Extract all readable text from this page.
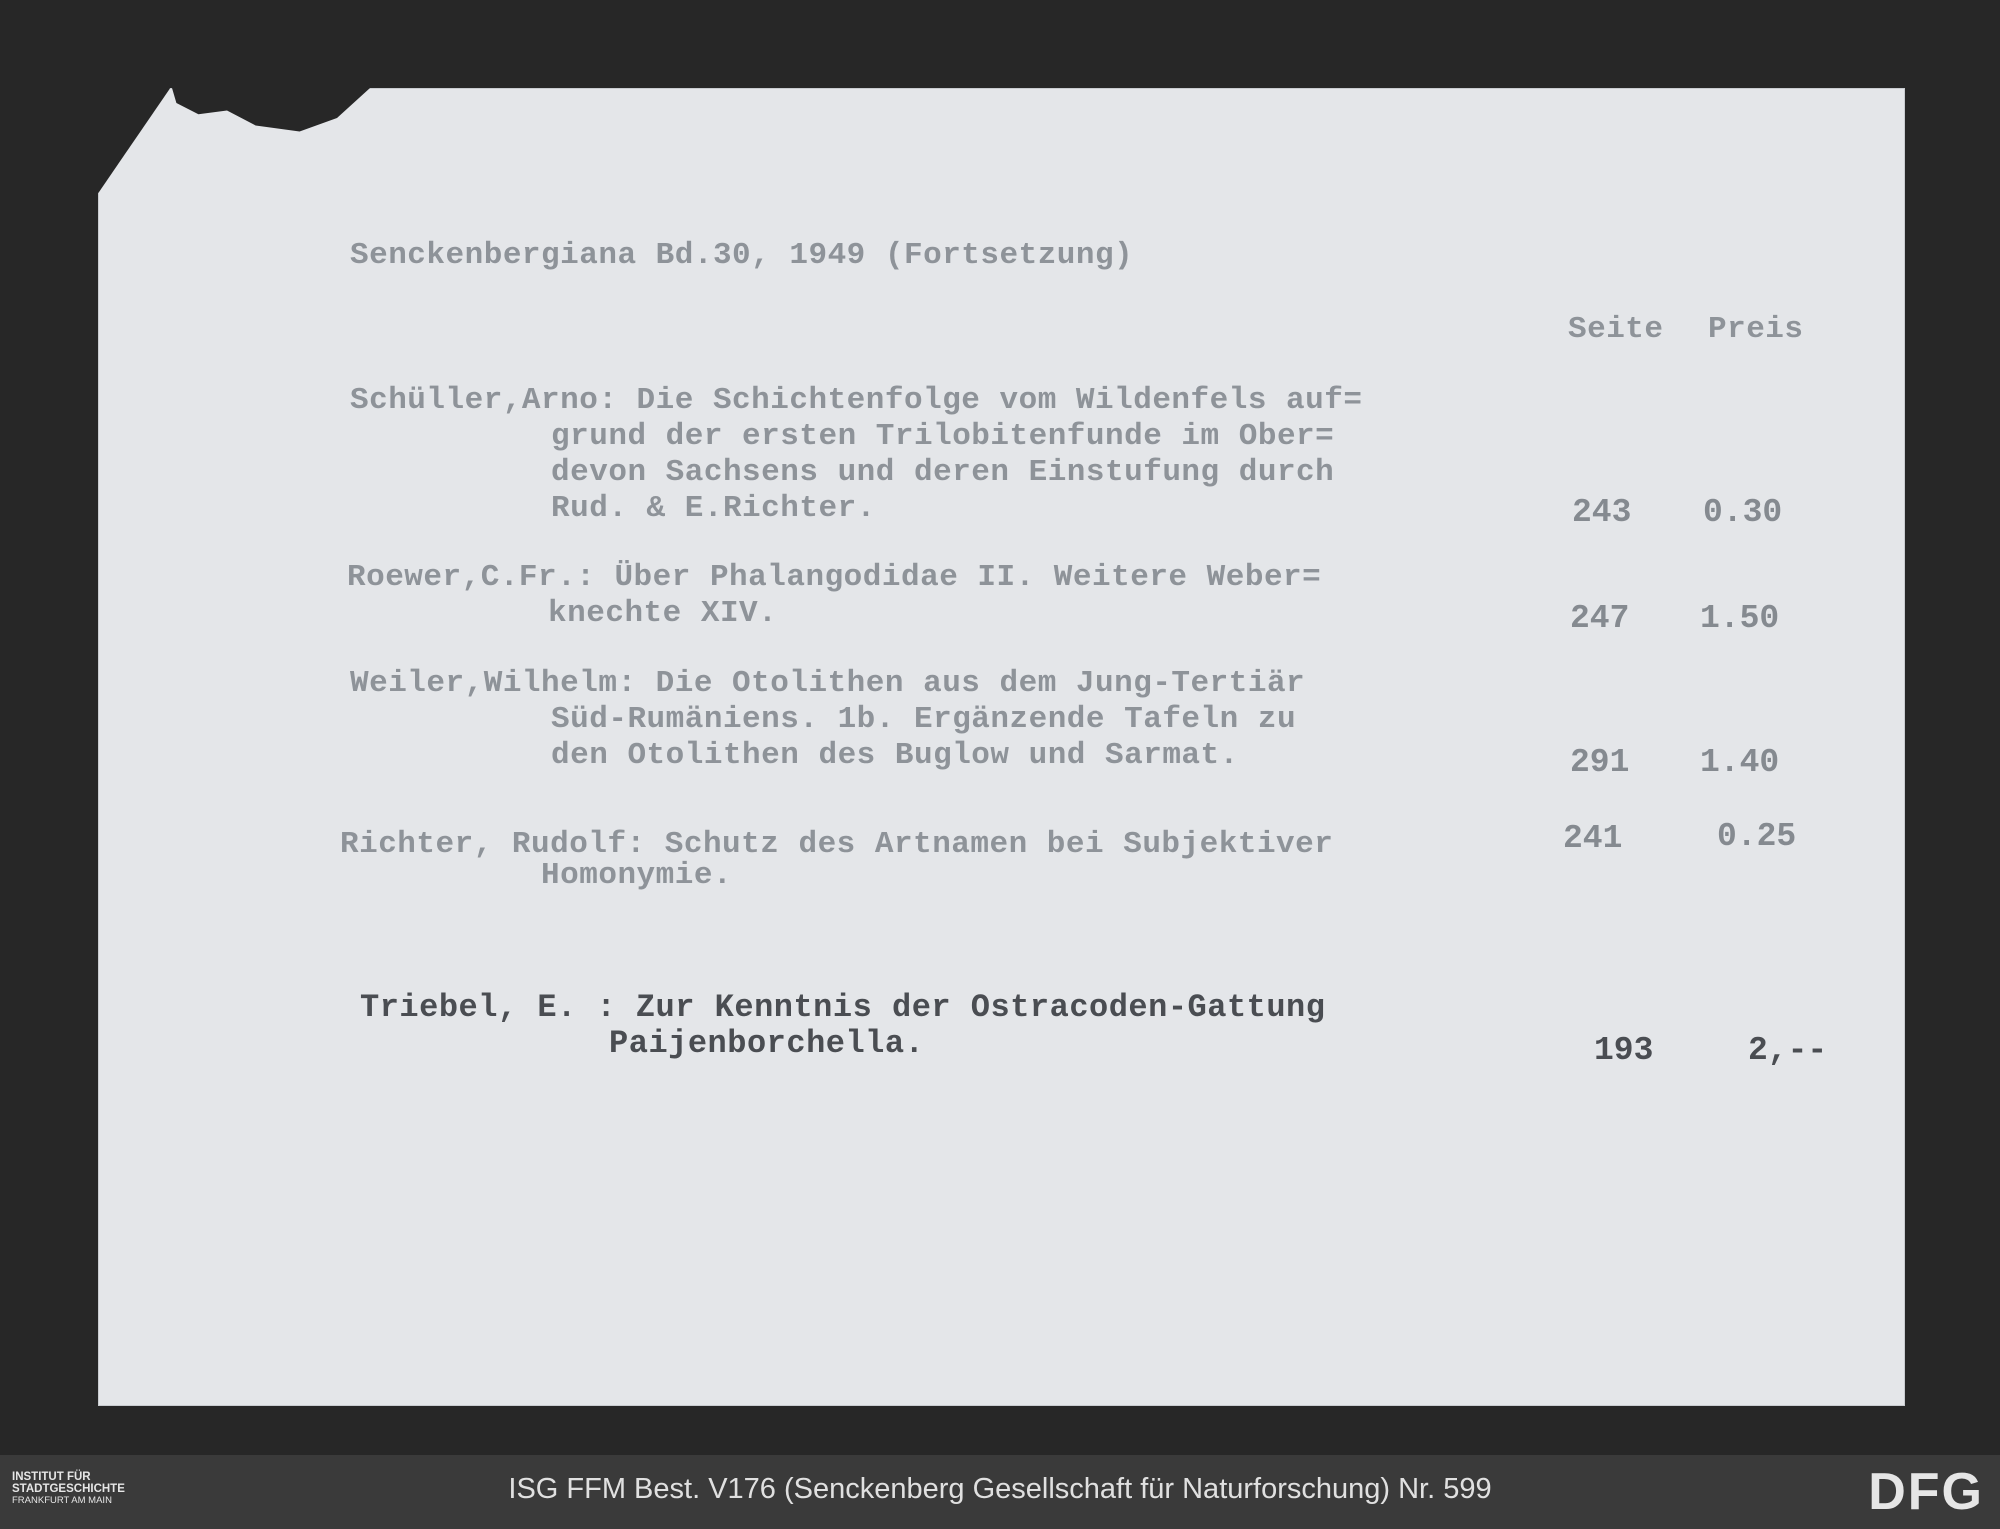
Senckenbergiana Bd.30, 1949 (Fortsetzung)
Seite Preis
Schüller,Arno: Die Schichtenfolge vom Wildenfels auf=
grund der ersten Trilobitenfunde im Ober=
devon Sachsens und deren Einstufung durch
Rud. & E.Richter.	243 0.30
Roewer,C.Fr.: Über Phalangodidae II. Weitere Weber=
knechte XIV.	247 1.50
Weiler,Wilhelm: Die Otolithen aus dem Jung-Tertiär
Süd-Rumäniens. 1b. Ergänzende Tafeln zu
den Otolithen des Buglow und Sarmat.	291 1.40
Richter, Rudolf: Schutz des Artnamen bei Subjektiver
Homonymie.
241	0.25
Triebel, E. : Zur Kenntnis der Ostracoden-Gattung
Paijenborchella.	193	2,--
INSTITUT FÜR
STADTGESCHICHTE
FRANKFURT AM MAIN	ISG FFM Best. V176 (Senckenberg Gesellschaft für Naturforschung) Nr. 599	DFG
